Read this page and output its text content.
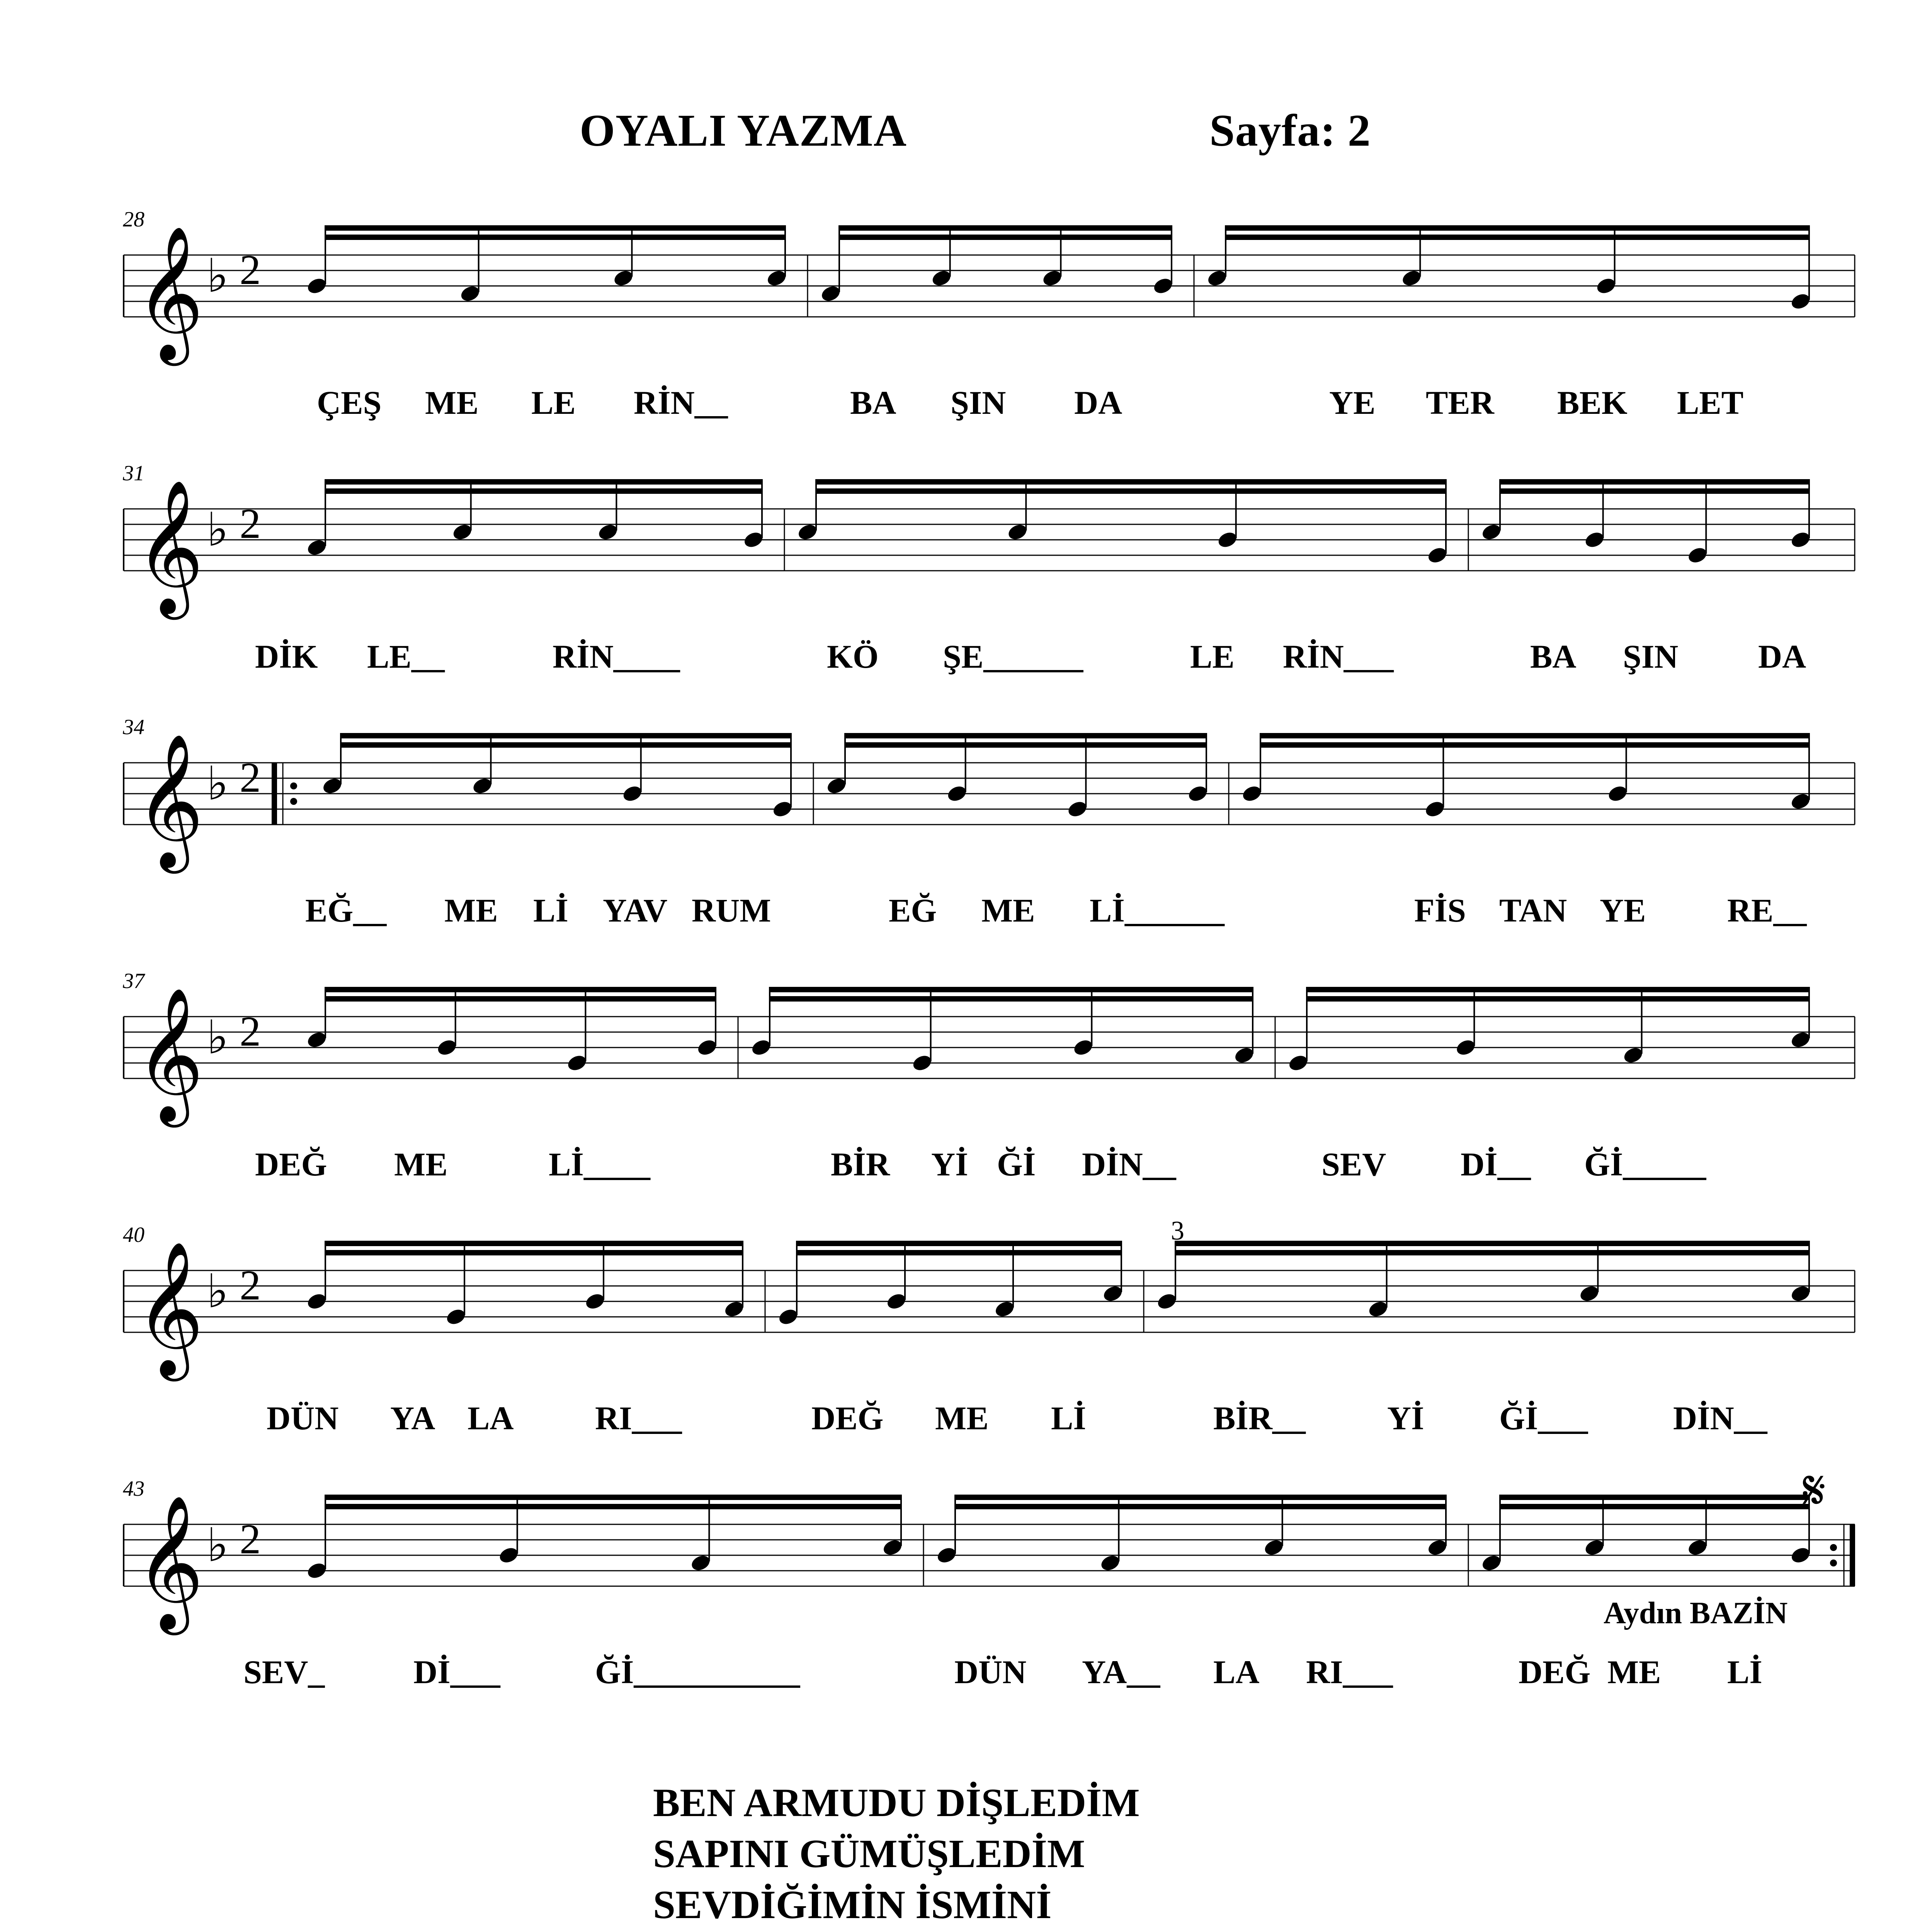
OYALI YAZMA	Sayfa: 2
28
𝄞 ♭ 2
ÇEŞ ME LE RİN__	BA ŞIN DA	YE TER BEK LET
31
𝄞 ♭ 2
DİK LE__	RİN____	KÖ ŞE______	LE RİN___	BA ŞIN DA
34
𝄞 ♭ 2
EĞ__ ME Lİ YAV RUM	EĞ ME Lİ______	FİS TAN YE RE__
37
𝄞 ♭ 2
DEĞ ME	Lİ____	BİR Yİ Ğİ DİN__	SEV Dİ__ Ğİ_____
40
𝄞 ♭ 2
3
DÜN YA LA RI___	DEĞ ME Lİ	BİR__ Yİ Ğİ___	DİN__
43
𝄞 ♭ 2
𝄋
Aydın BAZİN
SEV_	Dİ___	Ğİ__________	DÜN YA__ LA RI___	DEĞ ME Lİ
BEN ARMUDU DİŞLEDİM
SAPINI GÜMÜŞLEDİM
SEVDİĞİMİN İSMİNİ
